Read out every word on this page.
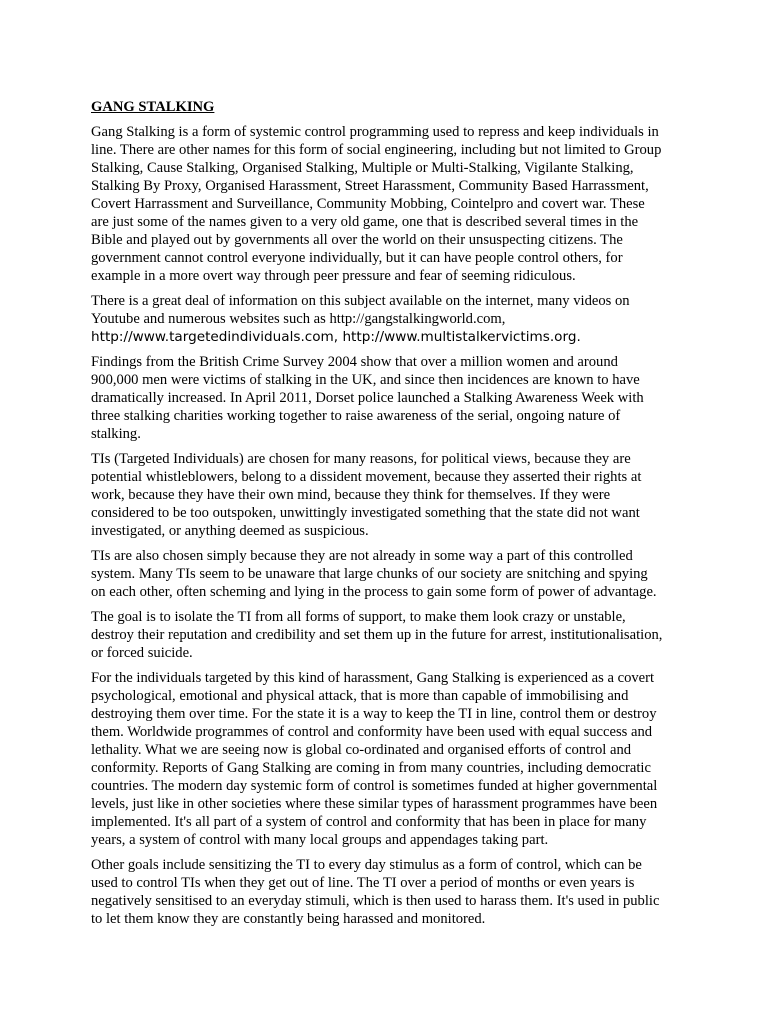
GANG STALKING

Gang Stalking is a form of systemic control programming used to repress and keep individuals in line. There are other names for this form of social engineering, including but not limited to Group Stalking, Cause Stalking, Organised Stalking, Multiple or Multi-Stalking, Vigilante Stalking, Stalking By Proxy, Organised Harassment, Street Harassment, Community Based Harrassment, Covert Harrassment and Surveillance, Community Mobbing, Cointelpro and covert war. These are just some of the names given to a very old game, one that is described several times in the Bible and played out by governments all over the world on their unsuspecting citizens. The government cannot control everyone individually, but it can have people control others, for example in a more overt way through peer pressure and fear of seeming ridiculous.

There is a great deal of information on this subject available on the internet, many videos on Youtube and numerous websites such as http://gangstalkingworld.com,
http://www.targetedindividuals.com, http://www.multistalkervictims.org.

Findings from the British Crime Survey 2004 show that over a million women and around 900,000 men were victims of stalking in the UK, and since then incidences are known to have dramatically increased. In April 2011, Dorset police launched a Stalking Awareness Week with three stalking charities working together to raise awareness of the serial, ongoing nature of stalking.

TIs (Targeted Individuals) are chosen for many reasons, for political views, because they are potential whistleblowers, belong to a dissident movement, because they asserted their rights at work, because they have their own mind, because they think for themselves. If they were considered to be too outspoken, unwittingly investigated something that the state did not want investigated, or anything deemed as suspicious.

TIs are also chosen simply because they are not already in some way a part of this controlled system. Many TIs seem to be unaware that large chunks of our society are snitching and spying on each other, often scheming and lying in the process to gain some form of power of advantage.

The goal is to isolate the TI from all forms of support, to make them look crazy or unstable, destroy their reputation and credibility and set them up in the future for arrest, institutionalisation, or forced suicide.

For the individuals targeted by this kind of harassment, Gang Stalking is experienced as a covert psychological, emotional and physical attack, that is more than capable of immobilising and destroying them over time. For the state it is a way to keep the TI in line, control them or destroy them. Worldwide programmes of control and conformity have been used with equal success and lethality. What we are seeing now is global co-ordinated and organised efforts of control and conformity. Reports of Gang Stalking are coming in from many countries, including democratic countries. The modern day systemic form of control is sometimes funded at higher governmental levels, just like in other societies where these similar types of harassment programmes have been implemented. It's all part of a system of control and conformity that has been in place for many years, a system of control with many local groups and appendages taking part.

Other goals include sensitizing the TI to every day stimulus as a form of control, which can be used to control TIs when they get out of line. The TI over a period of months or even years is negatively sensitised to an everyday stimuli, which is then used to harass them. It's used in public to let them know they are constantly being harassed and monitored.
